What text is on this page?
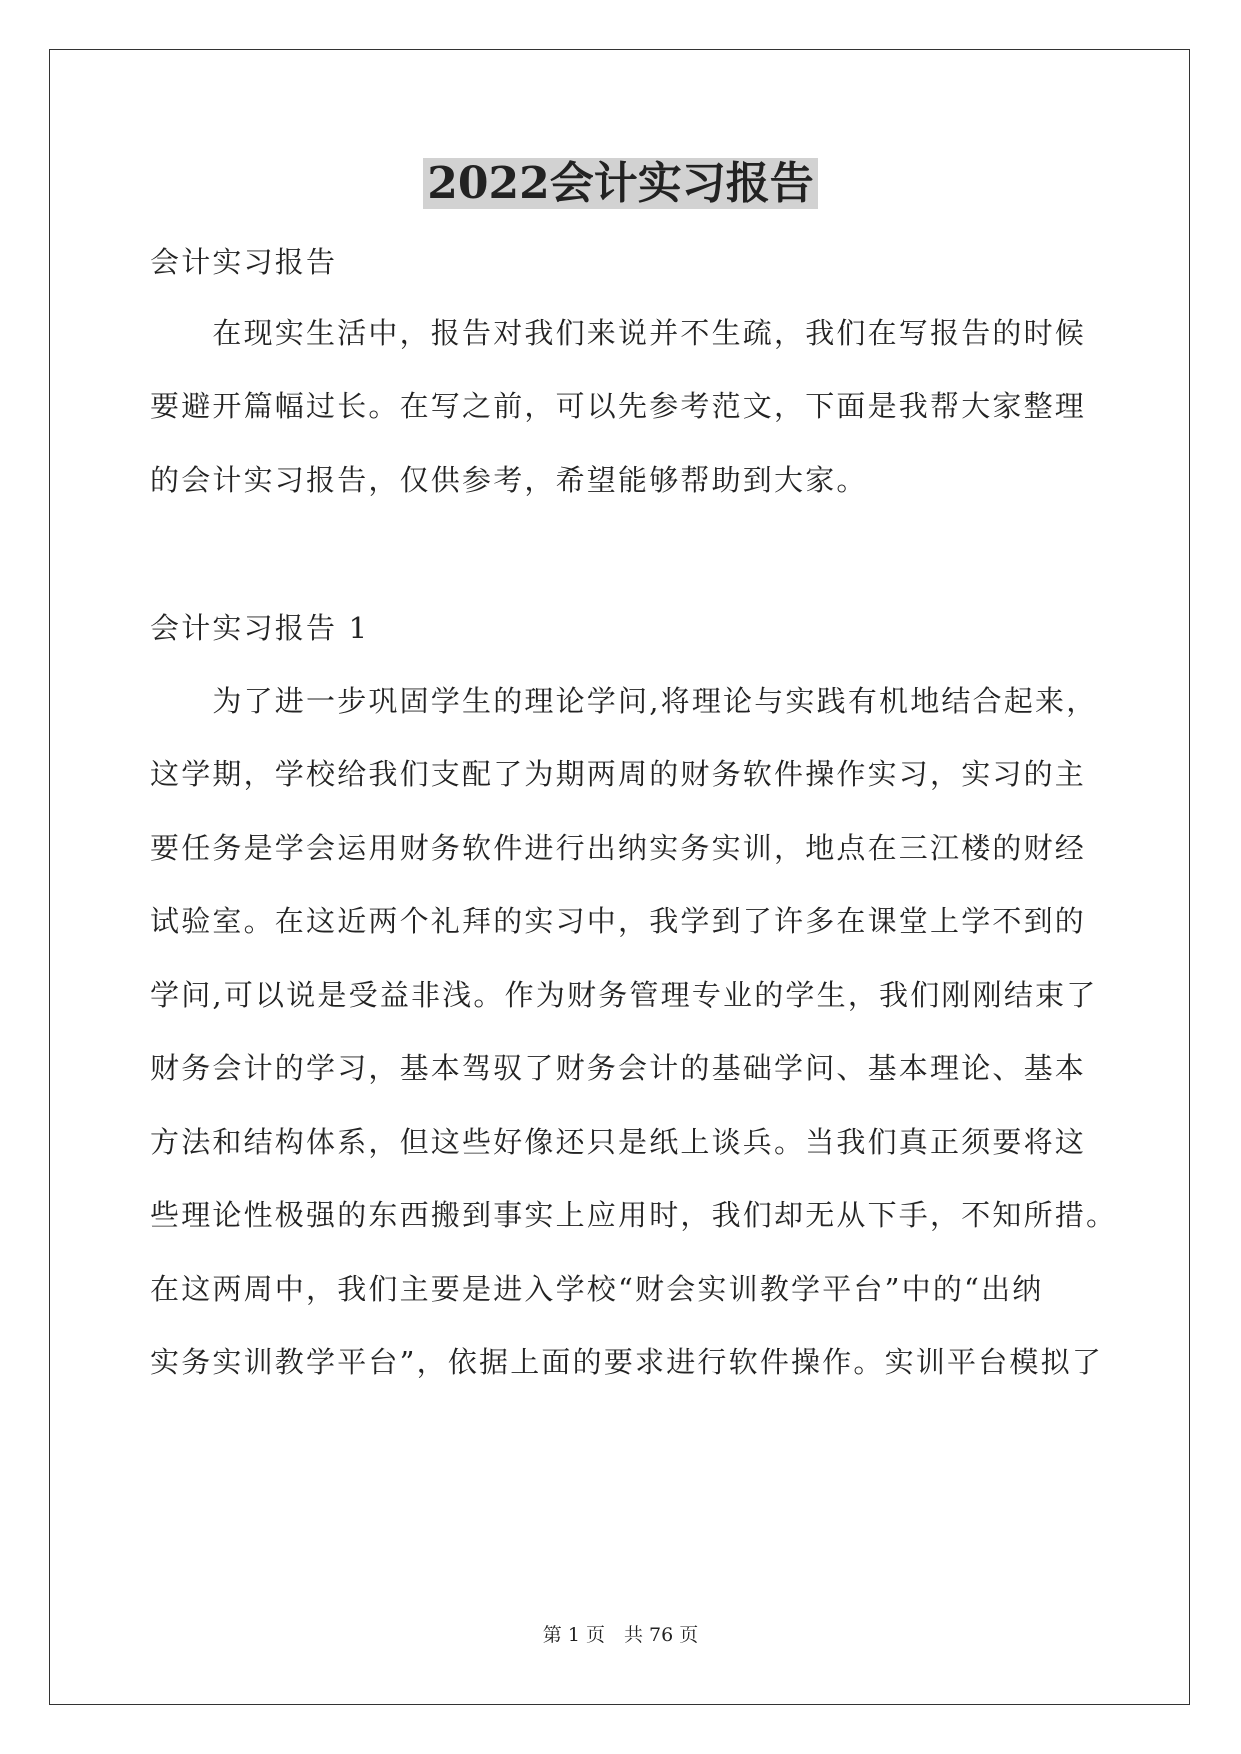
2022会计实习报告

会计实习报告

　　在现实生活中，报告对我们来说并不生疏，我们在写报告的时候

要避开篇幅过长。在写之前，可以先参考范文，下面是我帮大家整理

的会计实习报告，仅供参考，希望能够帮助到大家。

会计实习报告 1

　　为了进一步巩固学生的理论学问,将理论与实践有机地结合起来，

这学期，学校给我们支配了为期两周的财务软件操作实习，实习的主

要任务是学会运用财务软件进行出纳实务实训，地点在三江楼的财经

试验室。在这近两个礼拜的实习中，我学到了许多在课堂上学不到的

学问,可以说是受益非浅。作为财务管理专业的学生，我们刚刚结束了

财务会计的学习，基本驾驭了财务会计的基础学问、基本理论、基本

方法和结构体系，但这些好像还只是纸上谈兵。当我们真正须要将这

些理论性极强的东西搬到事实上应用时，我们却无从下手，不知所措。

在这两周中，我们主要是进入学校“财会实训教学平台”中的“出纳

实务实训教学平台”，依据上面的要求进行软件操作。实训平台模拟了

第 1 页　共 76 页
